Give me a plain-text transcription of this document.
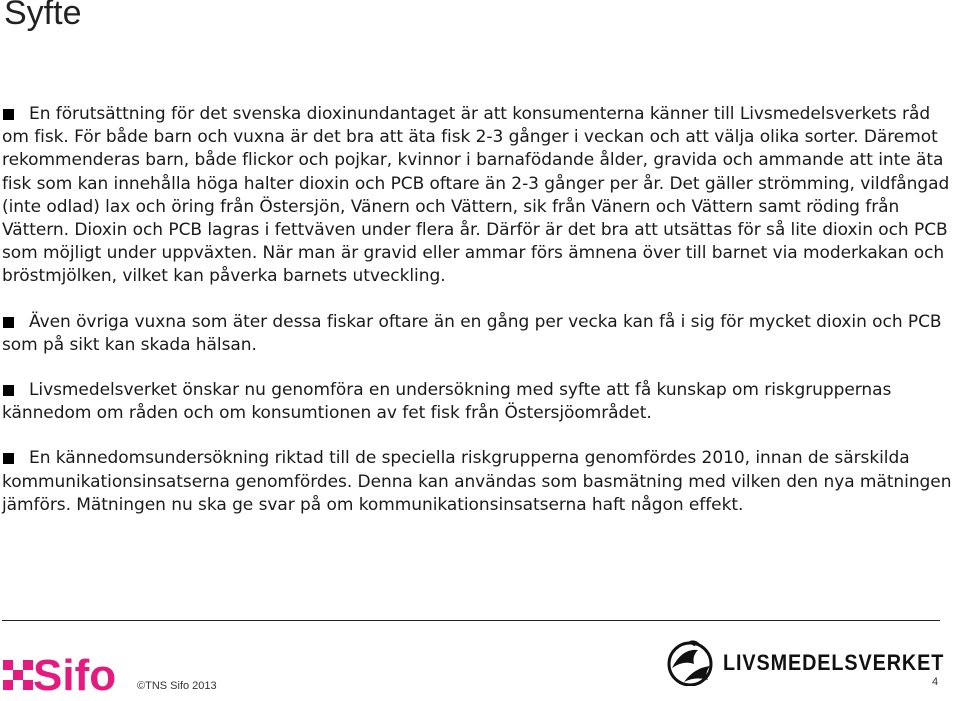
Syfte

En förutsättning för det svenska dioxinundantaget är att konsumenterna känner till Livsmedelsverkets råd om fisk. För både barn och vuxna är det bra att äta fisk 2-3 gånger i veckan och att välja olika sorter. Däremot rekommenderas barn, både flickor och pojkar, kvinnor i barnafödande ålder, gravida och ammande att inte äta fisk som kan innehålla höga halter dioxin och PCB oftare än 2-3 gånger per år. Det gäller strömming, vildfångad (inte odlad) lax och öring från Östersjön, Vänern och Vättern, sik från Vänern och Vättern samt röding från Vättern. Dioxin och PCB lagras i fettväven under flera år. Därför är det bra att utsättas för så lite dioxin och PCB som möjligt under uppväxten. När man är gravid eller ammar förs ämnena över till barnet via moderkakan och bröstmjölken, vilket kan påverka barnets utveckling.

Även övriga vuxna som äter dessa fiskar oftare än en gång per vecka kan få i sig för mycket dioxin och PCB som på sikt kan skada hälsan.

Livsmedelsverket önskar nu genomföra en undersökning med syfte att få kunskap om riskgruppernas kännedom om råden och om konsumtionen av fet fisk från Östersjöområdet.

En kännedomsundersökning riktad till de speciella riskgrupperna genomfördes 2010, innan de särskilda kommunikationsinsatserna genomfördes. Denna kan användas som basmätning med vilken den nya mätningen jämförs. Mätningen nu ska ge svar på om kommunikationsinsatserna haft någon effekt.

Sifo ©TNS Sifo 2013
LIVSMEDELSVERKET
4
